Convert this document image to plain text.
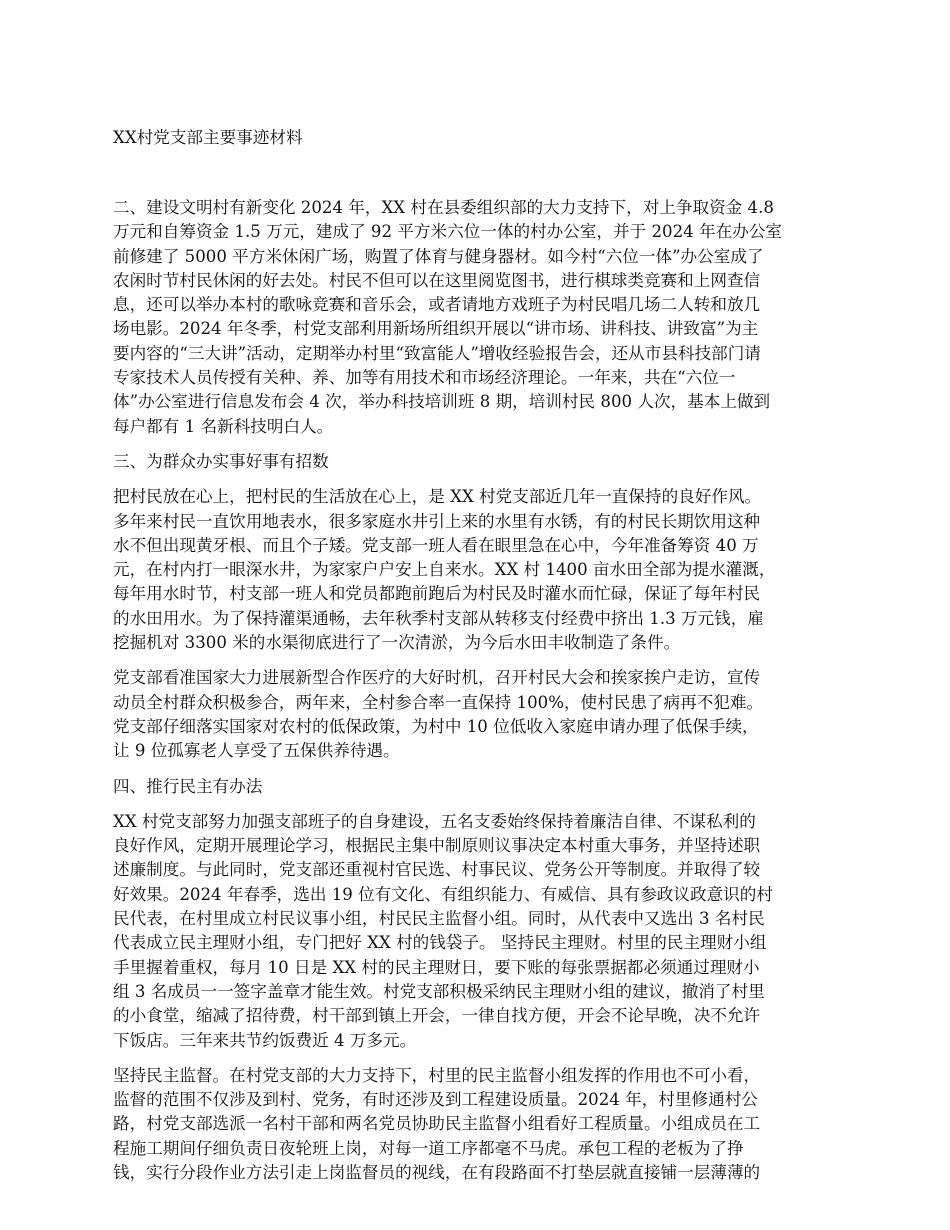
XX村党支部主要事迹材料
二、建设文明村有新变化 2024 年，XX 村在县委组织部的大力支持下，对上争取资金 4.8
万元和自筹资金 1.5 万元，建成了 92 平方米六位一体的村办公室，并于 2024 年在办公室
前修建了 5000 平方米休闲广场，购置了体育与健身器材。如今村“六位一体”办公室成了
农闲时节村民休闲的好去处。村民不但可以在这里阅览图书，进行棋球类竞赛和上网查信
息，还可以举办本村的歌咏竞赛和音乐会，或者请地方戏班子为村民唱几场二人转和放几
场电影。2024 年冬季，村党支部利用新场所组织开展以“讲市场、讲科技、讲致富”为主
要内容的“三大讲”活动，定期举办村里“致富能人”增收经验报告会，还从市县科技部门请
专家技术人员传授有关种、养、加等有用技术和市场经济理论。一年来，共在“六位一
体”办公室进行信息发布会 4 次，举办科技培训班 8 期，培训村民 800 人次，基本上做到
每户都有 1 名新科技明白人。
三、为群众办实事好事有招数
把村民放在心上，把村民的生活放在心上，是 XX 村党支部近几年一直保持的良好作风。
多年来村民一直饮用地表水，很多家庭水井引上来的水里有水锈，有的村民长期饮用这种
水不但出现黄牙根、而且个子矮。党支部一班人看在眼里急在心中，今年准备筹资 40 万
元，在村内打一眼深水井，为家家户户安上自来水。XX 村 1400 亩水田全部为提水灌溉，
每年用水时节，村支部一班人和党员都跑前跑后为村民及时灌水而忙碌，保证了每年村民
的水田用水。为了保持灌渠通畅，去年秋季村支部从转移支付经费中挤出 1.3 万元钱，雇
挖掘机对 3300 米的水渠彻底进行了一次清淤，为今后水田丰收制造了条件。
党支部看准国家大力进展新型合作医疗的大好时机，召开村民大会和挨家挨户走访，宣传
动员全村群众积极参合，两年来，全村参合率一直保持 100%，使村民患了病再不犯难。
党支部仔细落实国家对农村的低保政策，为村中 10 位低收入家庭申请办理了低保手续，
让 9 位孤寡老人享受了五保供养待遇。
四、推行民主有办法
XX 村党支部努力加强支部班子的自身建设，五名支委始终保持着廉洁自律、不谋私利的
良好作风，定期开展理论学习，根据民主集中制原则议事决定本村重大事务，并坚持述职
述廉制度。与此同时，党支部还重视村官民选、村事民议、党务公开等制度。并取得了较
好效果。2024 年春季，选出 19 位有文化、有组织能力、有威信、具有参政议政意识的村
民代表，在村里成立村民议事小组，村民民主监督小组。同时，从代表中又选出 3 名村民
代表成立民主理财小组，专门把好 XX 村的钱袋子。 坚持民主理财。村里的民主理财小组
手里握着重权，每月 10 日是 XX 村的民主理财日，要下账的每张票据都必须通过理财小
组 3 名成员一一签字盖章才能生效。村党支部积极采纳民主理财小组的建议，撤消了村里
的小食堂，缩减了招待费，村干部到镇上开会，一律自找方便，开会不论早晚，决不允许
下饭店。三年来共节约饭费近 4 万多元。
坚持民主监督。在村党支部的大力支持下，村里的民主监督小组发挥的作用也不可小看，
监督的范围不仅涉及到村、党务，有时还涉及到工程建设质量。2024 年，村里修通村公
路，村党支部选派一名村干部和两名党员协助民主监督小组看好工程质量。小组成员在工
程施工期间仔细负责日夜轮班上岗，对每一道工序都毫不马虎。承包工程的老板为了挣
钱，实行分段作业方法引走上岗监督员的视线，在有段路面不打垫层就直接铺一层薄薄的
